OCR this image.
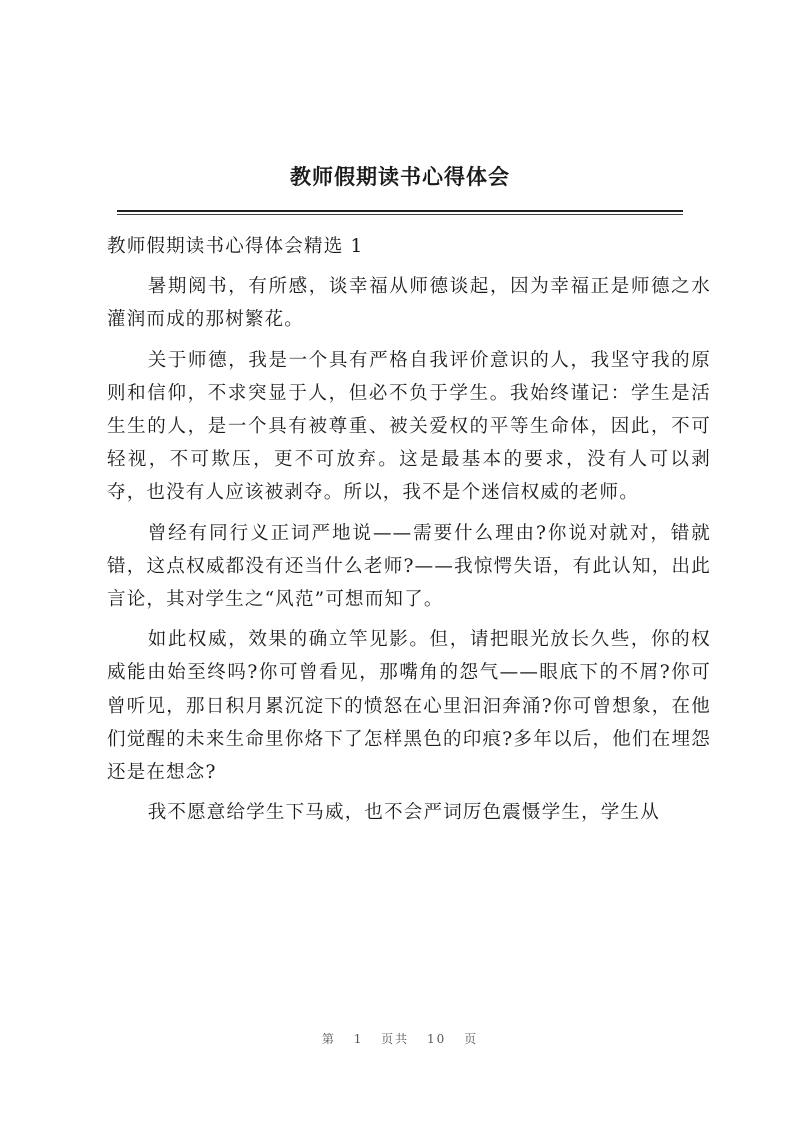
教师假期读书心得体会

教师假期读书心得体会精选 1

暑期阅书，有所感，谈幸福从师德谈起，因为幸福正是师德之水灌润而成的那树繁花。

关于师德，我是一个具有严格自我评价意识的人，我坚守我的原则和信仰，不求突显于人，但必不负于学生。我始终谨记：学生是活生生的人，是一个具有被尊重、被关爱权的平等生命体，因此，不可轻视，不可欺压，更不可放弃。这是最基本的要求，没有人可以剥夺，也没有人应该被剥夺。所以，我不是个迷信权威的老师。

曾经有同行义正词严地说——需要什么理由?你说对就对，错就错，这点权威都没有还当什么老师?——我惊愕失语，有此认知，出此言论，其对学生之“风范”可想而知了。

如此权威，效果的确立竿见影。但，请把眼光放长久些，你的权威能由始至终吗?你可曾看见，那嘴角的怨气——眼底下的不屑?你可曾听见，那日积月累沉淀下的愤怒在心里汩汩奔涌?你可曾想象，在他们觉醒的未来生命里你烙下了怎样黑色的印痕?多年以后，他们在埋怨还是在想念?

我不愿意给学生下马威，也不会严词厉色震慑学生，学生从

第 1 页共 10 页
